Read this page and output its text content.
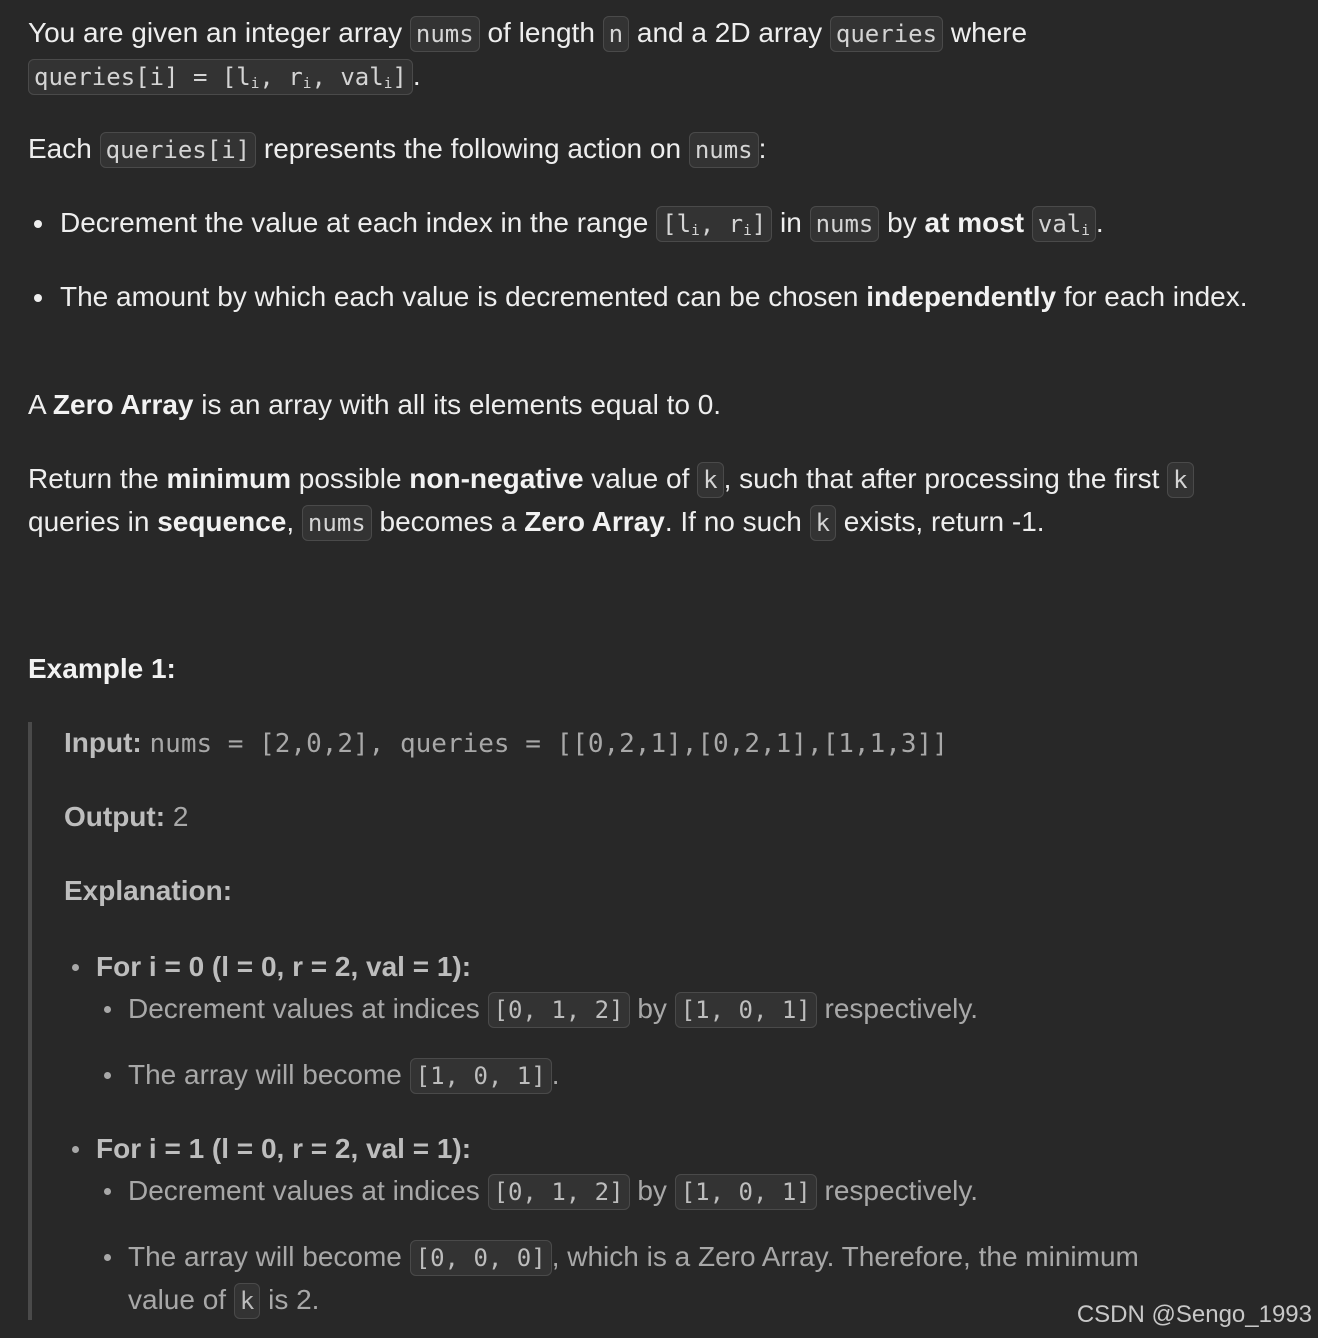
You are given an integer array nums of length n and a 2D array queries where queries[i] = [$l_i$, $r_i$, val$_i$] .

Each queries[i] represents the following action on nums :

Decrement the value at each index in the range [$l_i$, $r_i$] in nums by at most val$_i$ .
The amount by which each value is decremented can be chosen independently for each index.

A Zero Array is an array with all its elements equal to 0.

Return the minimum possible non-negative value of k , such that after processing the first k queries in sequence, nums becomes a Zero Array. If no such k exists, return -1.

Example 1:
Input: nums = [2,0,2], queries = [[0,2,1],[0,2,1],[1,1,3]]
Output: 2
Explanation:
For i = 0 (l = 0, r = 2, val = 1):
Decrement values at indices [0, 1, 2] by [1, 0, 1] respectively.
The array will become [1, 0, 1] .
For i = 1 (l = 0, r = 2, val = 1):
Decrement values at indices [0, 1, 2] by [1, 0, 1] respectively.
The array will become [0, 0, 0] , which is a Zero Array. Therefore, the minimum value of k is 2.	CSDN @Sengo_1993
